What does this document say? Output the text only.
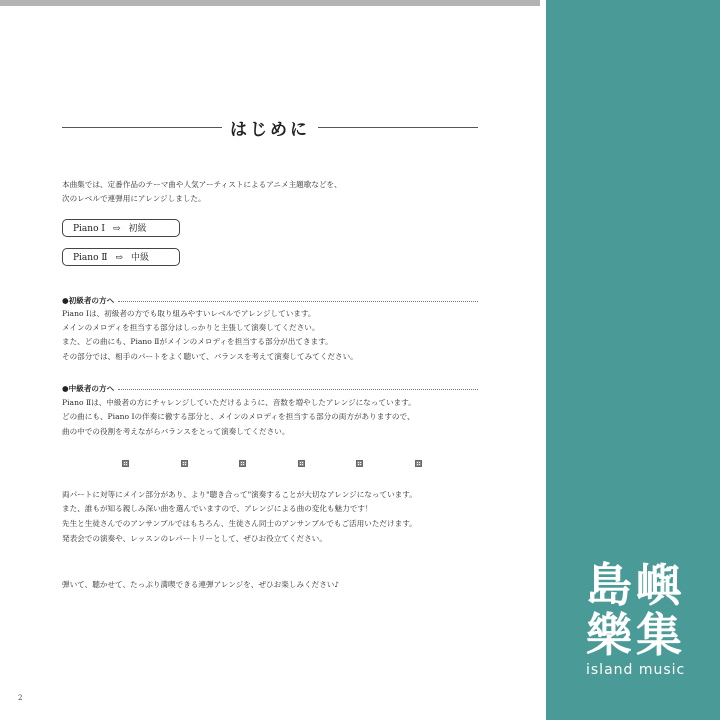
はじめに
本曲集では、定番作品のテーマ曲や人気アーティストによるアニメ主題歌などを、
次のレベルで連弾用にアレンジしました。
Piano Ⅰ ⇨ 初級
Piano Ⅱ ⇨ 中級
●初級者の方へ
Piano Ⅰは、初級者の方でも取り組みやすいレベルでアレンジしています。
メインのメロディを担当する部分はしっかりと主張して演奏してください。
また、どの曲にも、Piano Ⅱがメインのメロディを担当する部分が出てきます。
その部分では、相手のパートをよく聴いて、バランスを考えて演奏してみてください。
●中級者の方へ
Piano Ⅱは、中級者の方にチャレンジしていただけるように、音数を増やしたアレンジになっています。
どの曲にも、Piano Ⅰの伴奏に徹する部分と、メインのメロディを担当する部分の両方がありますので、
曲の中での役割を考えながらバランスをとって演奏してください。
両パートに対等にメイン部分があり、より"聴き合って"演奏することが大切なアレンジになっています。
また、誰もが知る親しみ深い曲を選んでいますので、アレンジによる曲の変化も魅力です！
先生と生徒さんでのアンサンブルではもちろん、生徒さん同士のアンサンブルでもご活用いただけます。
発表会での演奏や、レッスンのレパートリーとして、ぜひお役立てください。
弾いて、聴かせて、たっぷり満喫できる連弾アレンジを、ぜひお楽しみください♪
2
島嶼
樂集
island music
